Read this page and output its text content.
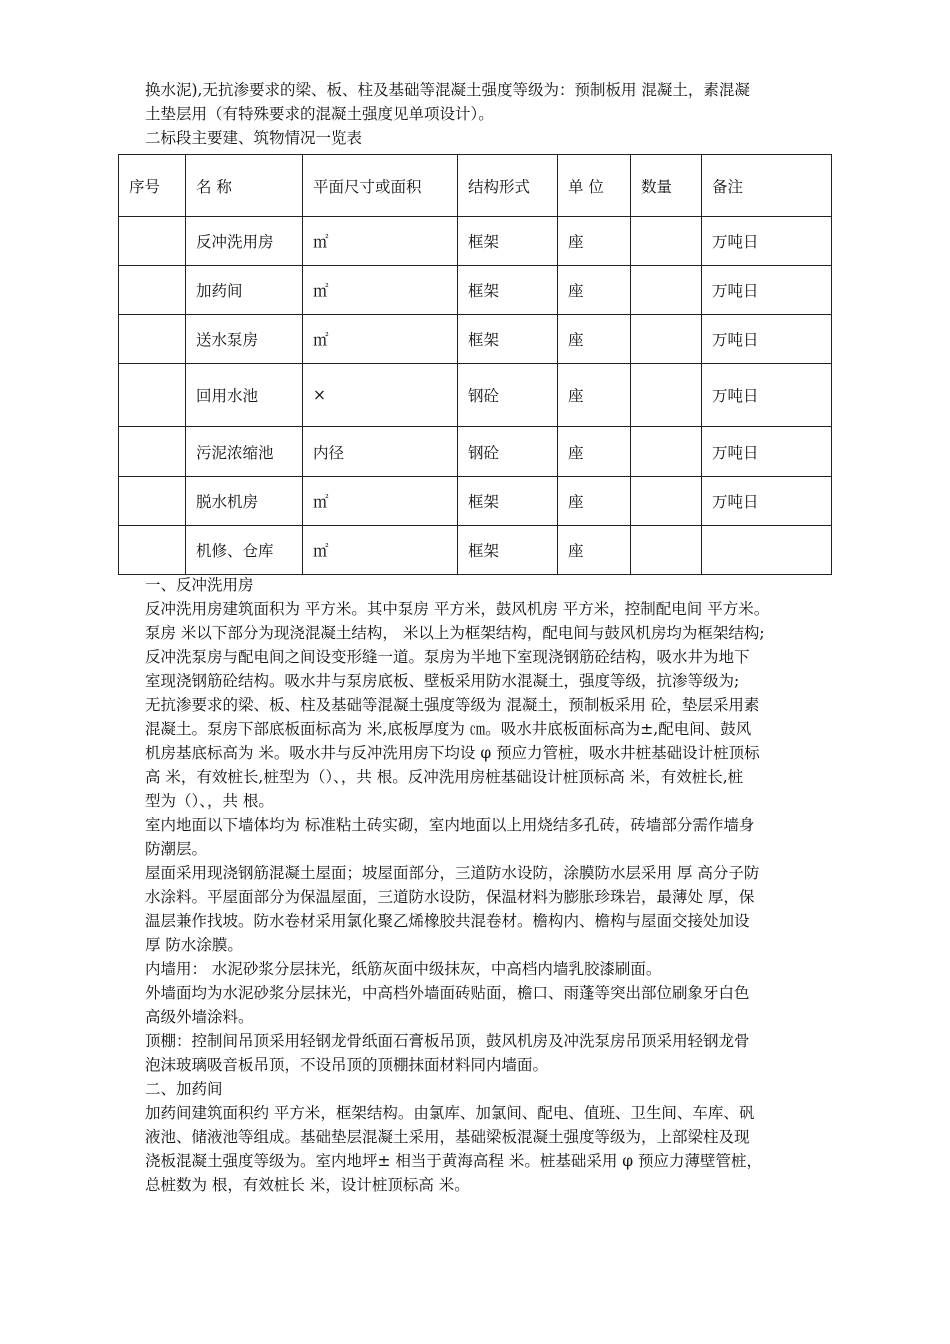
换水泥),无抗渗要求的梁、板、柱及基础等混凝土强度等级为：预制板用 混凝土，素混凝
土垫层用（有特殊要求的混凝土强度见单项设计）。
二标段主要建、筑物情况一览表
序号	名 称	平面尺寸或面积	结构形式	单 位	数量	备注
	反冲洗用房	㎡	框架	座		万吨日
	加药间	㎡	框架	座		万吨日
	送水泵房	㎡	框架	座		万吨日
	回用水池	×	钢砼	座		万吨日
	污泥浓缩池	内径	钢砼	座		万吨日
	脱水机房	㎡	框架	座		万吨日
	机修、仓库	㎡	框架	座		
一、反冲洗用房
反冲洗用房建筑面积为 平方米。其中泵房 平方米，鼓风机房 平方米，控制配电间 平方米。
泵房 米以下部分为现浇混凝土结构， 米以上为框架结构，配电间与鼓风机房均为框架结构;
反冲洗泵房与配电间之间设变形缝一道。泵房为半地下室现浇钢筋砼结构，吸水井为地下
室现浇钢筋砼结构。吸水井与泵房底板、壁板采用防水混凝土，强度等级，抗渗等级为;
无抗渗要求的梁、板、柱及基础等混凝土强度等级为 混凝土，预制板采用 砼，垫层采用素
混凝土。泵房下部底板面标高为 米,底板厚度为 ㎝。吸水井底板面标高为±,配电间、鼓风
机房基底标高为 米。吸水井与反冲洗用房下均设 φ 预应力管桩，吸水井桩基础设计桩顶标
高 米，有效桩长,桩型为（）、，共 根。反冲洗用房桩基础设计桩顶标高 米，有效桩长,桩
型为（）、，共 根。
室内地面以下墙体均为 标准粘土砖实砌，室内地面以上用烧结多孔砖，砖墙部分需作墙身
防潮层。
屋面采用现浇钢筋混凝土屋面；坡屋面部分，三道防水设防，涂膜防水层采用 厚 高分子防
水涂料。平屋面部分为保温屋面，三道防水设防，保温材料为膨胀珍珠岩，最薄处 厚，保
温层兼作找坡。防水卷材采用氯化聚乙烯橡胶共混卷材。檐构内、檐构与屋面交接处加设
厚 防水涂膜。
内墙用： 水泥砂浆分层抹光，纸筋灰面中级抹灰，中高档内墙乳胶漆刷面。
外墙面均为水泥砂浆分层抹光，中高档外墙面砖贴面，檐口、雨蓬等突出部位刷象牙白色
高级外墙涂料。
顶棚：控制间吊顶采用轻钢龙骨纸面石膏板吊顶，鼓风机房及冲洗泵房吊顶采用轻钢龙骨
泡沫玻璃吸音板吊顶，不设吊顶的顶棚抹面材料同内墙面。
二、加药间
加药间建筑面积约 平方米，框架结构。由氯库、加氯间、配电、值班、卫生间、车库、矾
液池、储液池等组成。基础垫层混凝土采用，基础梁板混凝土强度等级为，上部梁柱及现
浇板混凝土强度等级为。室内地坪± 相当于黄海高程 米。桩基础采用 φ 预应力薄壁管桩，
总桩数为 根，有效桩长 米，设计桩顶标高 米。
